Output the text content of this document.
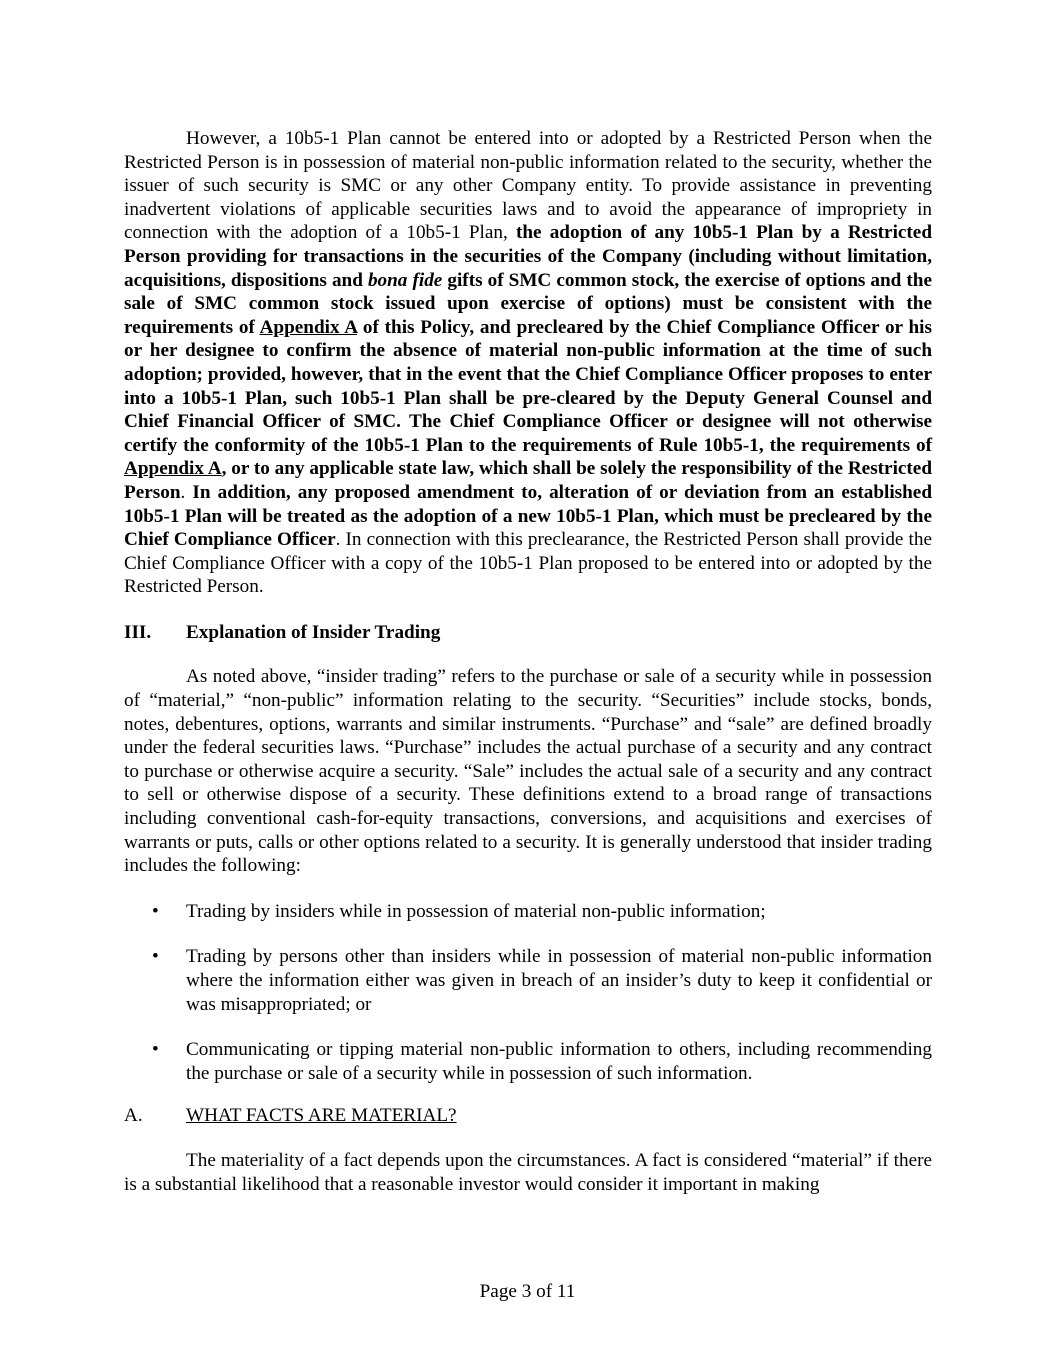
However, a 10b5-1 Plan cannot be entered into or adopted by a Restricted Person when the Restricted Person is in possession of material non-public information related to the security, whether the issuer of such security is SMC or any other Company entity. To provide assistance in preventing inadvertent violations of applicable securities laws and to avoid the appearance of impropriety in connection with the adoption of a 10b5-1 Plan, the adoption of any 10b5-1 Plan by a Restricted Person providing for transactions in the securities of the Company (including without limitation, acquisitions, dispositions and bona fide gifts of SMC common stock, the exercise of options and the sale of SMC common stock issued upon exercise of options) must be consistent with the requirements of Appendix A of this Policy, and precleared by the Chief Compliance Officer or his or her designee to confirm the absence of material non-public information at the time of such adoption; provided, however, that in the event that the Chief Compliance Officer proposes to enter into a 10b5-1 Plan, such 10b5-1 Plan shall be pre-cleared by the Deputy General Counsel and Chief Financial Officer of SMC. The Chief Compliance Officer or designee will not otherwise certify the conformity of the 10b5-1 Plan to the requirements of Rule 10b5-1, the requirements of Appendix A, or to any applicable state law, which shall be solely the responsibility of the Restricted Person. In addition, any proposed amendment to, alteration of or deviation from an established 10b5-1 Plan will be treated as the adoption of a new 10b5-1 Plan, which must be precleared by the Chief Compliance Officer. In connection with this preclearance, the Restricted Person shall provide the Chief Compliance Officer with a copy of the 10b5-1 Plan proposed to be entered into or adopted by the Restricted Person.

III.	Explanation of Insider Trading

As noted above, “insider trading” refers to the purchase or sale of a security while in possession of “material,” “non-public” information relating to the security. “Securities” include stocks, bonds, notes, debentures, options, warrants and similar instruments. “Purchase” and “sale” are defined broadly under the federal securities laws. “Purchase” includes the actual purchase of a security and any contract to purchase or otherwise acquire a security. “Sale” includes the actual sale of a security and any contract to sell or otherwise dispose of a security. These definitions extend to a broad range of transactions including conventional cash-for-equity transactions, conversions, and acquisitions and exercises of warrants or puts, calls or other options related to a security. It is generally understood that insider trading includes the following:

• Trading by insiders while in possession of material non-public information;
• Trading by persons other than insiders while in possession of material non-public information where the information either was given in breach of an insider’s duty to keep it confidential or was misappropriated; or
• Communicating or tipping material non-public information to others, including recommending the purchase or sale of a security while in possession of such information.
A.	WHAT FACTS ARE MATERIAL?

The materiality of a fact depends upon the circumstances. A fact is considered “material” if there is a substantial likelihood that a reasonable investor would consider it important in making

Page 3 of 11
